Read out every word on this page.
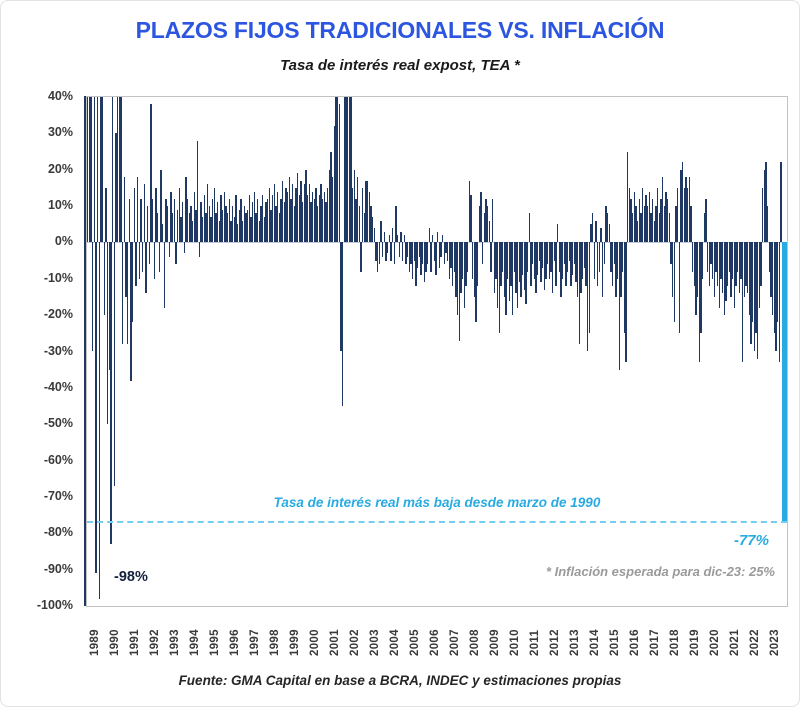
PLAZOS FIJOS TRADICIONALES VS. INFLACIÓN
Tasa de interés real expost, TEA *
40%
30%
20%
10%
0%
-10%
-20%
-30%
-40%
-50%
-60%
-70%
-80%
-90%
-100%
Tasa de interés real más baja desde marzo de 1990
-77%
* Inflación esperada para dic-23: 25%
-98%
1989 1990 1991 1992 1993 1994 1995 1996 1997 1998 1999 2000 2001 2002 2003 2004 2005 2006 2007 2008 2009 2010 2011 2012 2013 2014 2015 2016 2017 2018 2019 2020 2021 2022 2023
Fuente: GMA Capital en base a BCRA, INDEC y estimaciones propias
